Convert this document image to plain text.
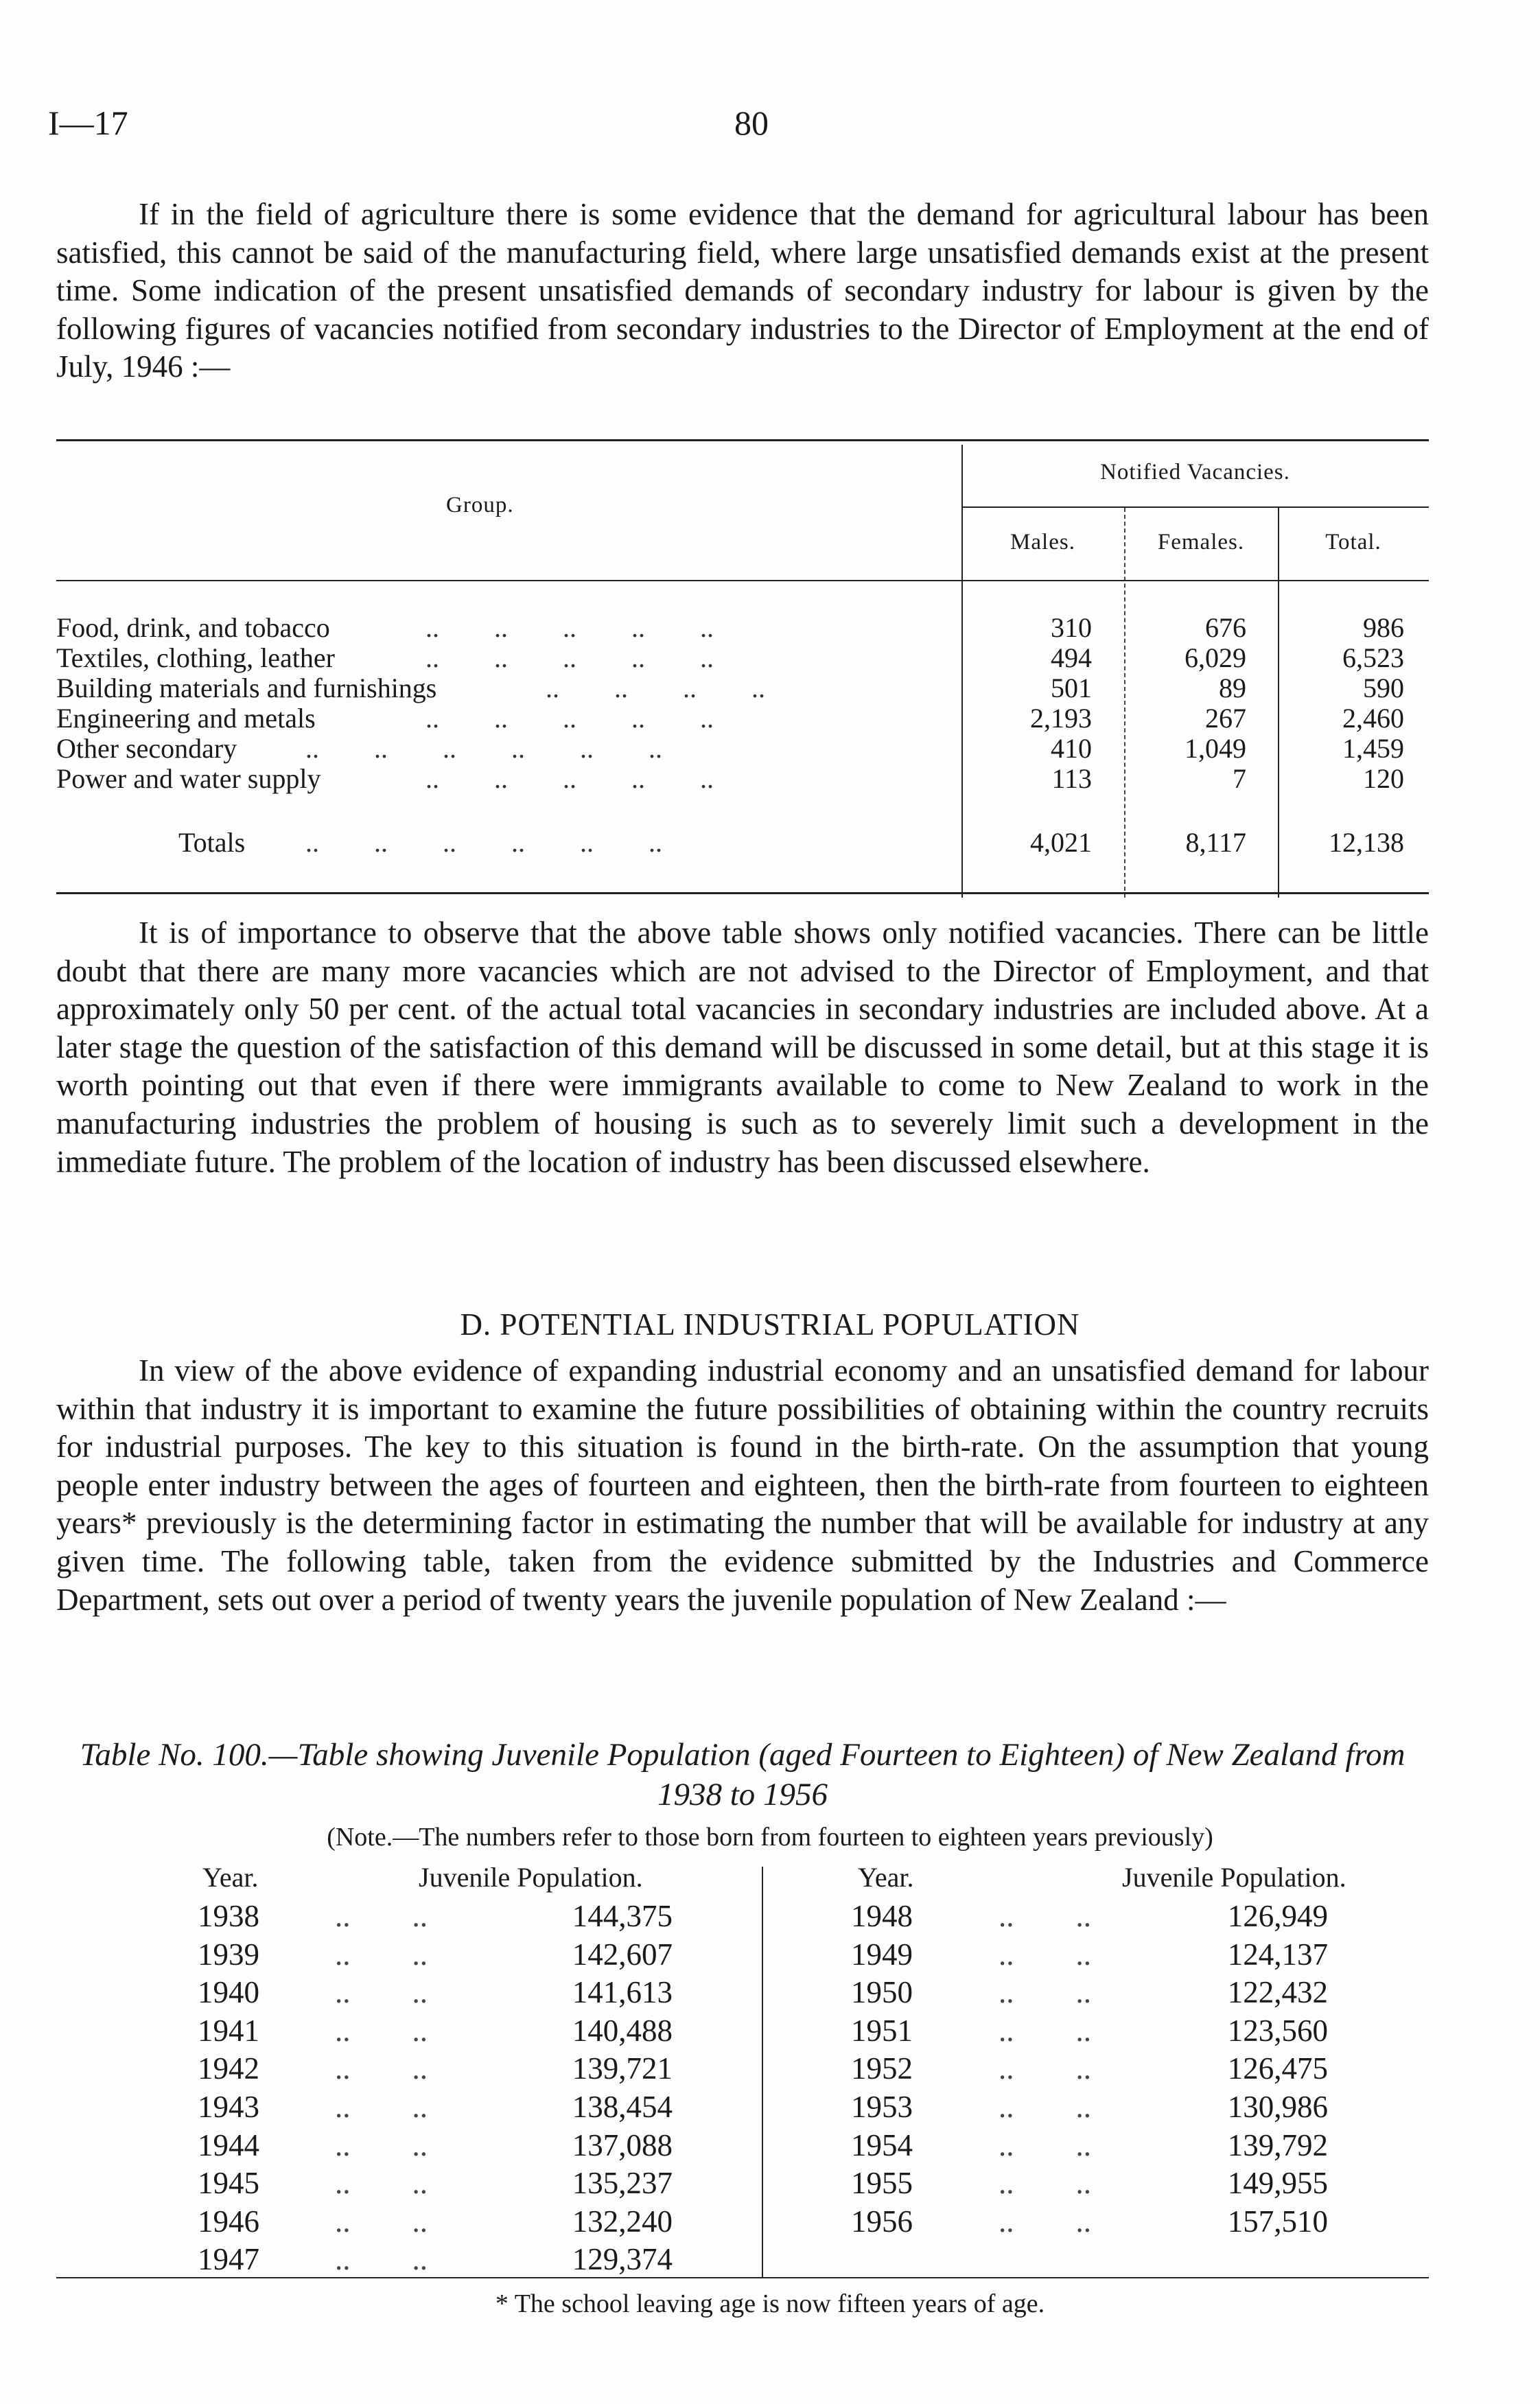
I—17	80
If in the field of agriculture there is some evidence that the demand for agricultural labour has been satisfied, this cannot be said of the manufacturing field, where large unsatisfied demands exist at the present time. Some indication of the present unsatisfied demands of secondary industry for labour is given by the following figures of vacancies notified from secondary industries to the Director of Employment at the end of July, 1946 :—
Group.
Notified Vacancies.
Males.	Females.	Total.
Food, drink, and tobacco	..        ..        ..        ..        ..	310	676	986
Textiles, clothing, leather	..        ..        ..        ..        ..	494	6,029	6,523
Building materials and furnishings	..        ..        ..        ..	501	89	590
Engineering and metals	..        ..        ..        ..        ..	2,193	267	2,460
Other secondary ..        ..        ..        ..        ..        ..	410	1,049	1,459
Power and water supply	..        ..        ..        ..        ..	113	7	120
Totals ..        ..        ..        ..        ..        ..	4,021	8,117	12,138
It is of importance to observe that the above table shows only notified vacancies. There can be little doubt that there are many more vacancies which are not advised to the Director of Employment, and that approximately only 50 per cent. of the actual total vacancies in secondary industries are included above. At a later stage the question of the satisfaction of this demand will be discussed in some detail, but at this stage it is worth pointing out that even if there were immigrants available to come to New Zealand to work in the manufacturing industries the problem of housing is such as to severely limit such a development in the immediate future. The problem of the location of industry has been discussed elsewhere.
D. POTENTIAL INDUSTRIAL POPULATION
In view of the above evidence of expanding industrial economy and an unsatisfied demand for labour within that industry it is important to examine the future possibilities of obtaining within the country recruits for industrial purposes. The key to this situation is found in the birth-rate. On the assumption that young people enter industry between the ages of fourteen and eighteen, then the birth-rate from fourteen to eighteen years* previously is the determining factor in estimating the number that will be available for industry at any given time. The following table, taken from the evidence submitted by the Industries and Commerce Department, sets out over a period of twenty years the juvenile population of New Zealand :—
Table No. 100.—Table showing Juvenile Population (aged Fourteen to Eighteen) of New Zealand from 1938 to 1956
(Note.—The numbers refer to those born from fourteen to eighteen years previously)
Year.	Juvenile Population.	Year.	Juvenile Population.
1938 ..        ..	144,375
1939 ..        ..	142,607
1940 ..        ..	141,613
1941 ..        ..	140,488
1942 ..        ..	139,721
1943 ..        ..	138,454
1944 ..        ..	137,088
1945 ..        ..	135,237
1946 ..        ..	132,240
1947 ..        ..	129,374
1948	..        ..	126,949
1949	..        ..	124,137
1950	..        ..	122,432
1951	..        ..	123,560
1952	..        ..	126,475
1953	..        ..	130,986
1954	..        ..	139,792
1955	..        ..	149,955
1956	..        ..	157,510
* The school leaving age is now fifteen years of age.
